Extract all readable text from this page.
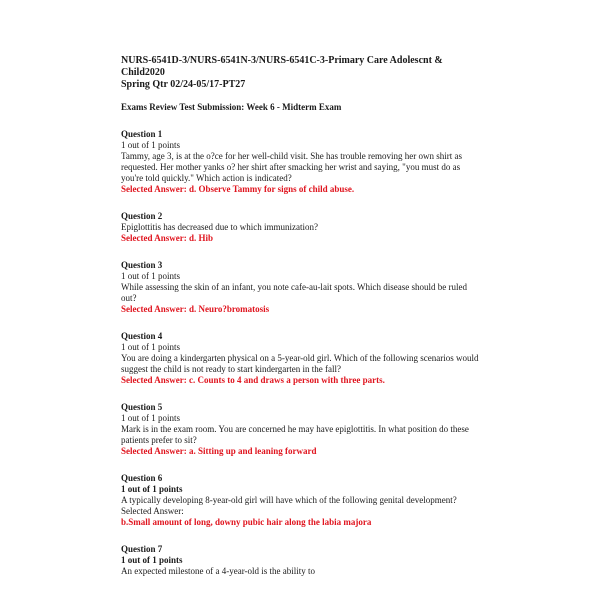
NURS-6541D-3/NURS-6541N-3/NURS-6541C-3-Primary Care Adolescnt & Child2020
Spring Qtr 02/24-05/17-PT27
Exams Review Test Submission: Week 6 - Midterm Exam
Question 1
1 out of 1 points
Tammy, age 3, is at the o?ce for her well-child visit. She has trouble removing her own shirt as requested. Her mother yanks o? her shirt after smacking her wrist and saying, "you must do as you're told quickly." Which action is indicated?
Selected Answer: d. Observe Tammy for signs of child abuse.
Question 2
Epiglottitis has decreased due to which immunization?
Selected Answer: d. Hib
Question 3
1 out of 1 points
While assessing the skin of an infant, you note cafe-au-lait spots. Which disease should be ruled out?
Selected Answer: d. Neuro?bromatosis
Question 4
1 out of 1 points
You are doing a kindergarten physical on a 5-year-old girl. Which of the following scenarios would suggest the child is not ready to start kindergarten in the fall?
Selected Answer: c. Counts to 4 and draws a person with three parts.
Question 5
1 out of 1 points
Mark is in the exam room. You are concerned he may have epiglottitis. In what position do these patients prefer to sit?
Selected Answer: a. Sitting up and leaning forward
Question 6
1 out of 1 points
A typically developing 8-year-old girl will have which of the following genital development?
Selected Answer:
b.Small amount of long, downy pubic hair along the labia majora
Question 7
1 out of 1 points
An expected milestone of a 4-year-old is the ability to
